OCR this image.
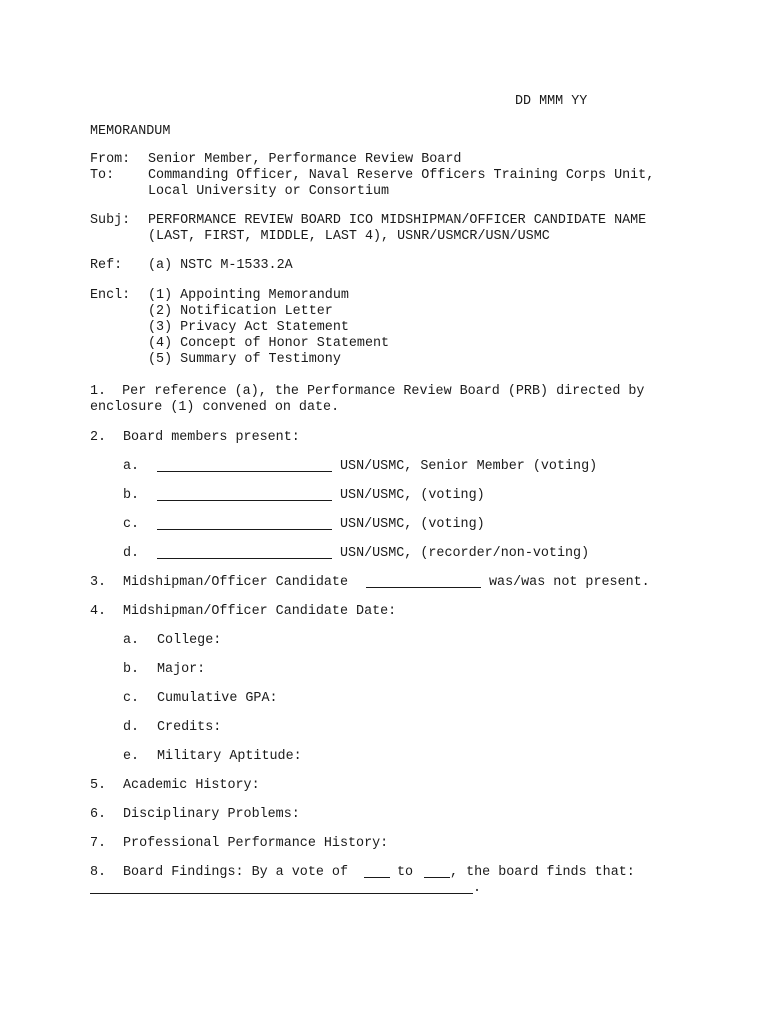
DD MMM YY
MEMORANDUM
From: Senior Member, Performance Review Board
To:	Commanding Officer, Naval Reserve Officers Training Corps Unit,
Local University or Consortium
Subj: PERFORMANCE REVIEW BOARD ICO MIDSHIPMAN/OFFICER CANDIDATE NAME
(LAST, FIRST, MIDDLE, LAST 4), USNR/USMCR/USN/USMC
Ref: (a) NSTC M-1533.2A
Encl: (1) Appointing Memorandum
(2) Notification Letter
(3) Privacy Act Statement
(4) Concept of Honor Statement
(5) Summary of Testimony
1.  Per reference (a), the Performance Review Board (PRB) directed by
enclosure (1) convened on date.
2. Board members present:
a.	USN/USMC, Senior Member (voting)
b.	USN/USMC, (voting)
c.	USN/USMC, (voting)
d.	USN/USMC, (recorder/non-voting)
3. Midshipman/Officer Candidate	was/was not present.
4. Midshipman/Officer Candidate Date:
a. College:
b. Major:
c. Cumulative GPA:
d. Credits:
e. Military Aptitude:
5. Academic History:
6. Disciplinary Problems:
7. Professional Performance History:
8. Board Findings: By a vote of	to	, the board finds that:
.
